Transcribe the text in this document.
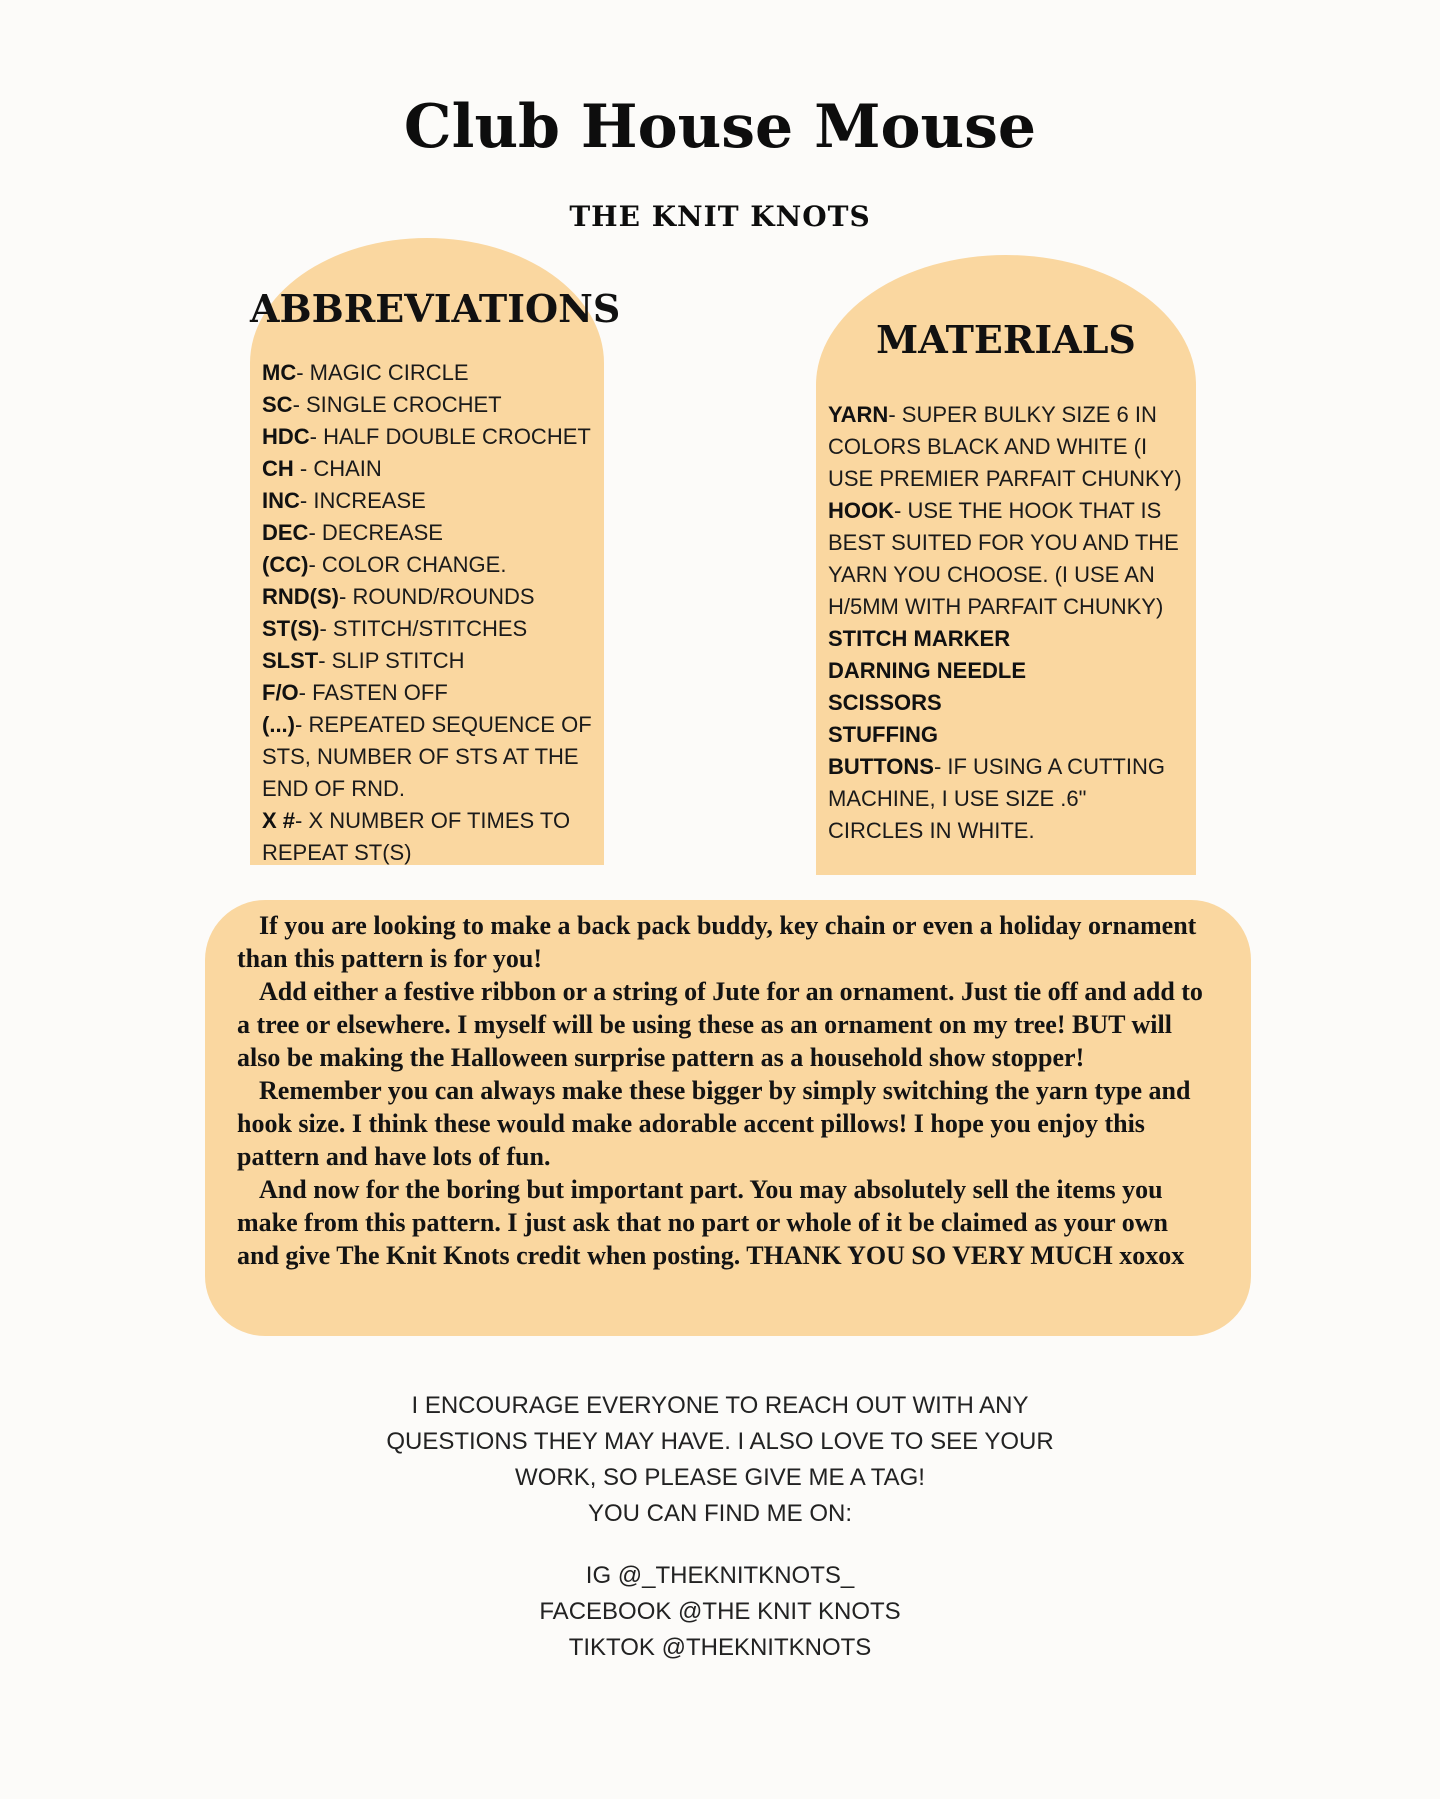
Club House Mouse
THE KNIT KNOTS
ABBREVIATIONS

MC- MAGIC CIRCLE

SC- SINGLE CROCHET

HDC- HALF DOUBLE CROCHET

CH - CHAIN

INC- INCREASE

DEC- DECREASE

(CC)- COLOR CHANGE.

RND(S)- ROUND/ROUNDS

ST(S)- STITCH/STITCHES

SLST- SLIP STITCH

F/O- FASTEN OFF

(...)- REPEATED SEQUENCE OF STS, NUMBER OF STS AT THE END OF RND.

X #- X NUMBER OF TIMES TO REPEAT ST(S)

MATERIALS

YARN- SUPER BULKY SIZE 6 IN COLORS BLACK AND WHITE (I USE PREMIER PARFAIT CHUNKY)

HOOK- USE THE HOOK THAT IS BEST SUITED FOR YOU AND THE YARN YOU CHOOSE. (I USE AN H/5MM WITH PARFAIT CHUNKY)

STITCH MARKER

DARNING NEEDLE

SCISSORS

STUFFING

BUTTONS- IF USING A CUTTING MACHINE, I USE SIZE .6" CIRCLES IN WHITE.

If you are looking to make a back pack buddy, key chain or even a holiday ornament than this pattern is for you!

Add either a festive ribbon or a string of Jute for an ornament. Just tie off and add to a tree or elsewhere. I myself will be using these as an ornament on my tree! BUT will also be making the Halloween surprise pattern as a household show stopper!

Remember you can always make these bigger by simply switching the yarn type and hook size. I think these would make adorable accent pillows! I hope you enjoy this pattern and have lots of fun.

And now for the boring but important part. You may absolutely sell the items you make from this pattern. I just ask that no part or whole of it be claimed as your own and give The Knit Knots credit when posting. THANK YOU SO VERY MUCH xoxox

I ENCOURAGE EVERYONE TO REACH OUT WITH ANY
QUESTIONS THEY MAY HAVE. I ALSO LOVE TO SEE YOUR
WORK, SO PLEASE GIVE ME A TAG!
YOU CAN FIND ME ON:
IG @_THEKNITKNOTS_
FACEBOOK @THE KNIT KNOTS
TIKTOK @THEKNITKNOTS
